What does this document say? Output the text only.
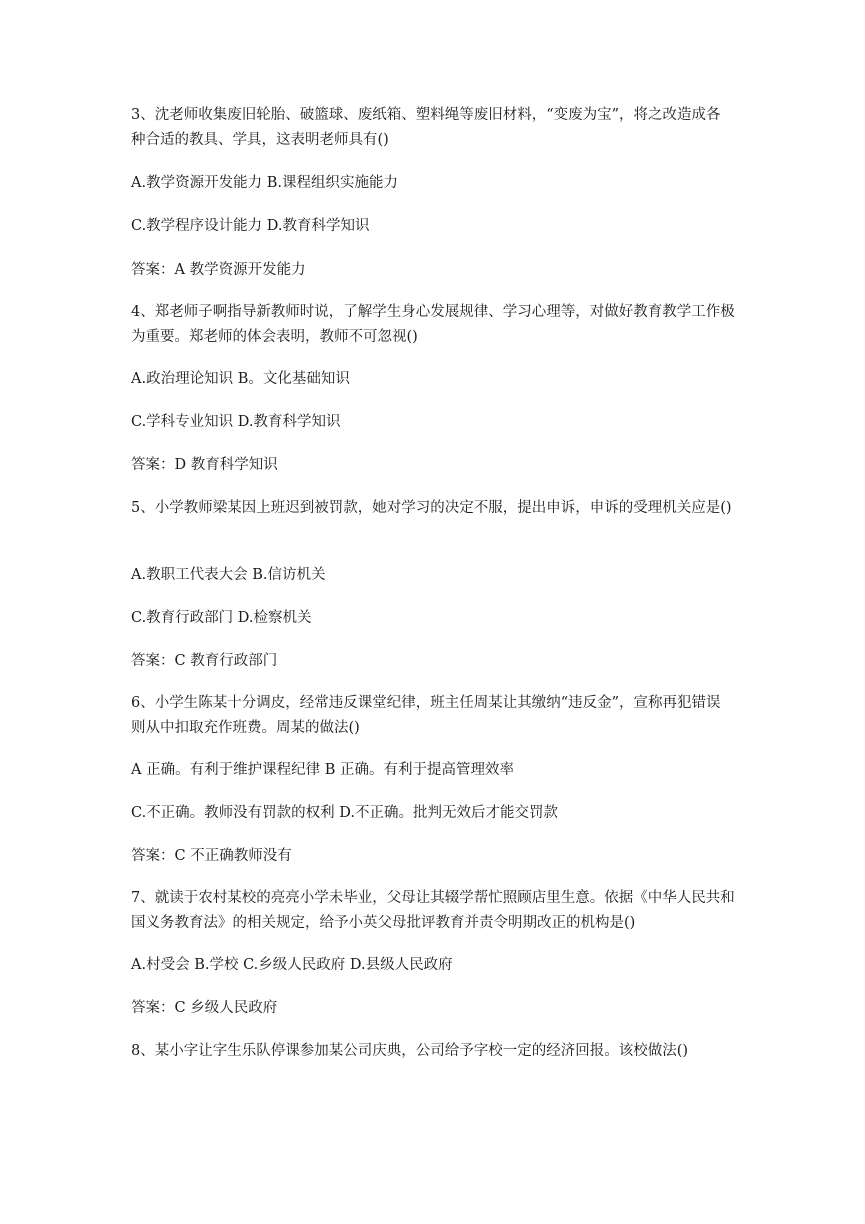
3、沈老师收集废旧轮胎、破篮球、废纸箱、塑料绳等废旧材料，“变废为宝”，将之改造成各种合适的教具、学具，这表明老师具有()

A.教学资源开发能力 B.课程组织实施能力

C.教学程序设计能力 D.教育科学知识

答案：A 教学资源开发能力

4、郑老师子啊指导新教师时说，了解学生身心发展规律、学习心理等，对做好教育教学工作极为重要。郑老师的体会表明，教师不可忽视()

A.政治理论知识 B。文化基础知识

C.学科专业知识 D.教育科学知识

答案：D 教育科学知识

5、小学教师梁某因上班迟到被罚款，她对学习的决定不服，提出申诉，申诉的受理机关应是()

A.教职工代表大会 B.信访机关

C.教育行政部门 D.检察机关

答案：C 教育行政部门

6、小学生陈某十分调皮，经常违反课堂纪律，班主任周某让其缴纳“违反金”，宣称再犯错误则从中扣取充作班费。周某的做法()

A 正确。有利于维护课程纪律 B 正确。有利于提高管理效率

C.不正确。教师没有罚款的权利 D.不正确。批判无效后才能交罚款

答案：C 不正确教师没有

7、就读于农村某校的亮亮小学未毕业，父母让其辍学帮忙照顾店里生意。依据《中华人民共和国义务教育法》的相关规定，给予小英父母批评教育并责令明期改正的机构是()

A.村受会 B.学校 C.乡级人民政府 D.县级人民政府

答案：C 乡级人民政府

8、某小字让字生乐队停课参加某公司庆典，公司给予字校一定的经济回报。该校做法()
